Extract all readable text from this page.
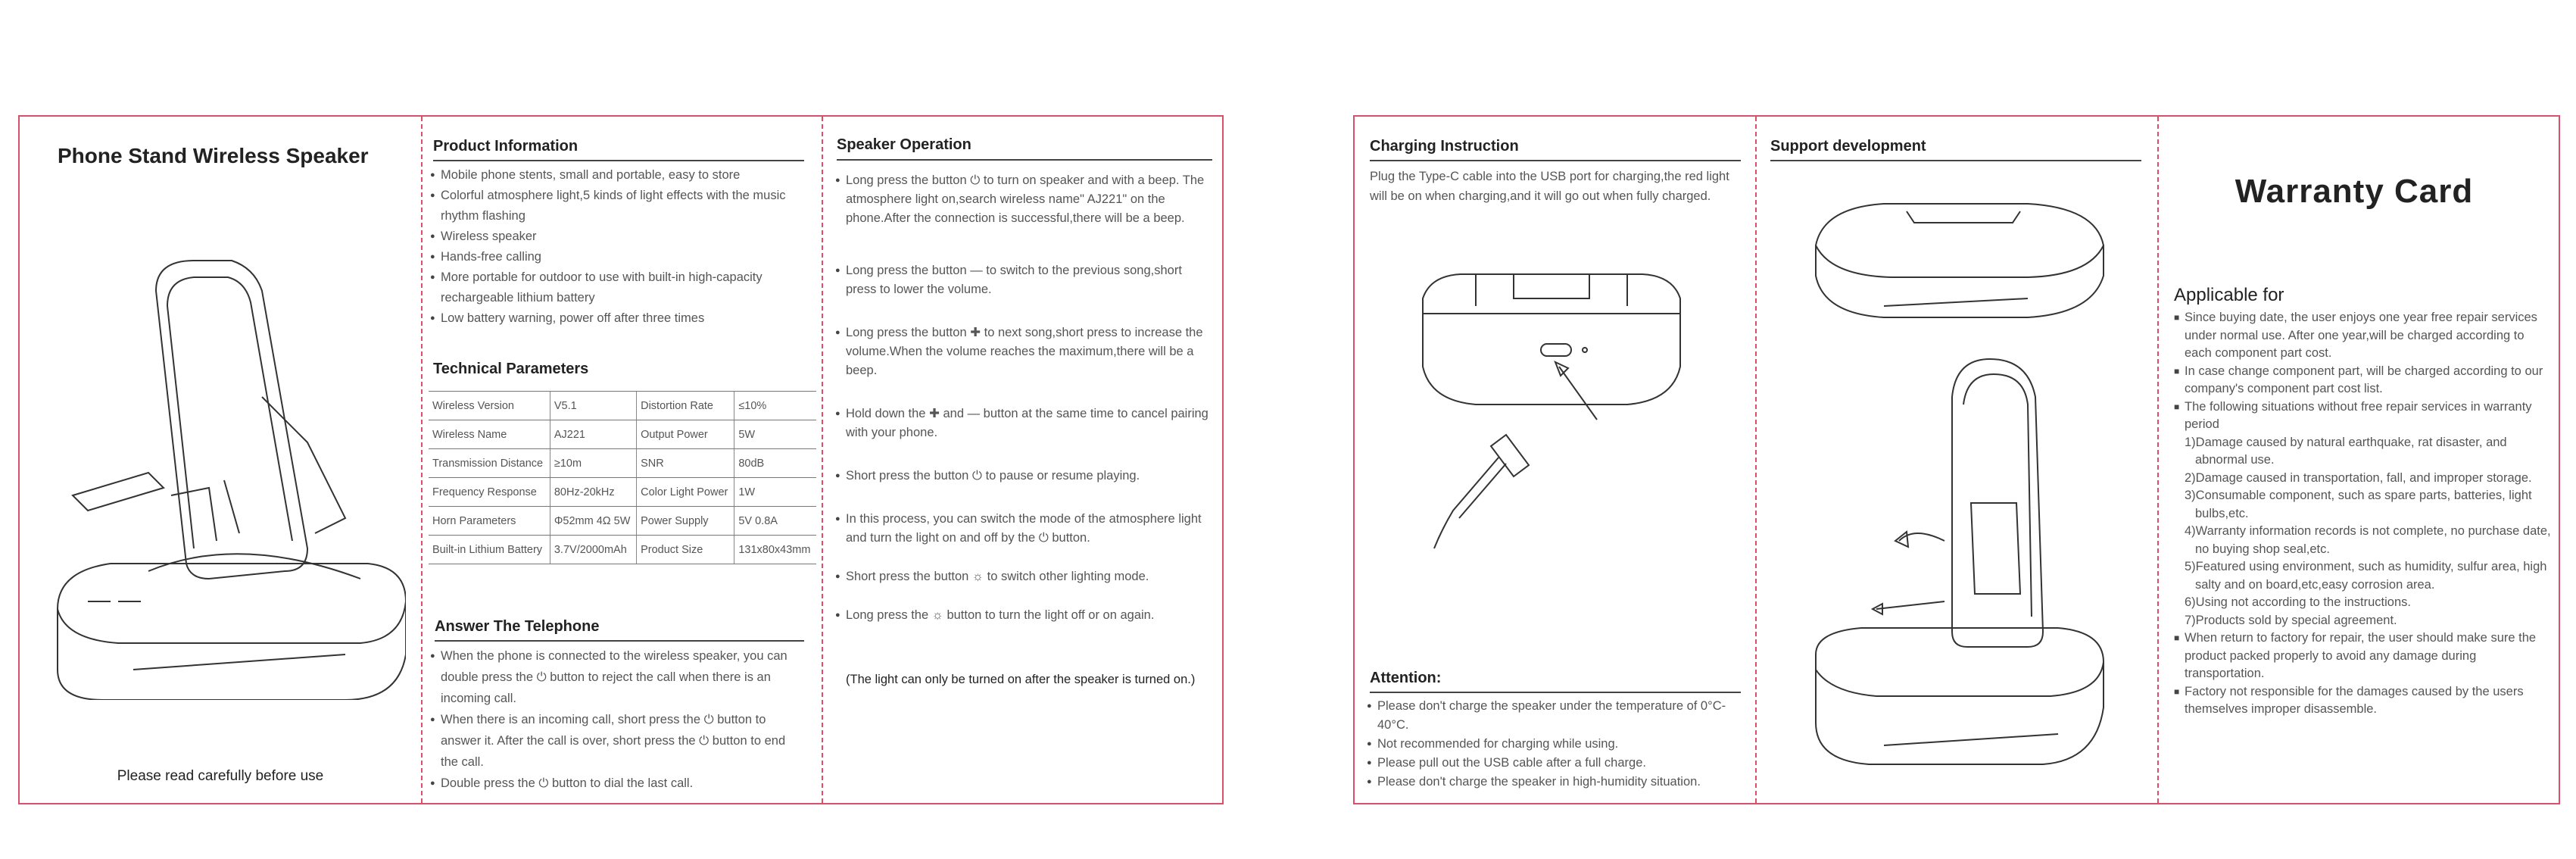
Phone Stand Wireless Speaker
Please read carefully before use
Product Information
● Mobile phone stents, small and portable, easy to store
● Colorful atmosphere light,5 kinds of light effects with the music rhythm flashing
● Wireless speaker
● Hands-free calling
● More portable for outdoor to use with built-in high-capacity rechargeable lithium battery
● Low battery warning, power off after three times
Technical Parameters
Wireless Version	V5.1	Distortion Rate	≤10%
Wireless Name	AJ221	Output Power	5W
Transmission Distance	≥10m	SNR	80dB
Frequency Response	80Hz-20kHz	Color Light Power	1W
Horn Parameters	Φ52mm 4Ω 5W	Power Supply	5V 0.8A
Built-in Lithium Battery	3.7V/2000mAh	Product Size	131x80x43mm
Answer The Telephone
● When the phone is connected to the wireless speaker, you can double press the ⏻ button to reject the call when there is an incoming call.
● When there is an incoming call, short press the ⏻ button to answer it. After the call is over, short press the ⏻ button to end the call.
● Double press the ⏻ button to dial the last call.
Speaker Operation
● Long press the button ⏻ to turn on speaker and with a beep. The atmosphere light on,search wireless name" AJ221" on the phone.After the connection is successful,there will be a beep.
● Long press the button — to switch to the previous song,short press to lower the volume.
● Long press the button ✚ to next song,short press to increase the volume.When the volume reaches the maximum,there will be a beep.
● Hold down the ✚ and — button at the same time to cancel pairing with your phone.
● Short press the button ⏻ to pause or resume playing.
● In this process, you can switch the mode of the atmosphere light and turn the light on and off by the ⏻ button.
● Short press the button ☼ to switch other lighting mode.
● Long press the ☼ button to turn the light off or on again.
(The light can only be turned on after the speaker is turned on.)
Charging Instruction
Plug the Type-C cable into the USB port for charging,the red light will be on when charging,and it will go out when fully charged.
Attention:
● Please don't charge the speaker under the temperature of 0°C-40°C.
● Not recommended for charging while using.
● Please pull out the USB cable after a full charge.
● Please don't charge the speaker in high-humidity situation.
Support development
Warranty Card
Applicable for
■ Since buying date, the user enjoys one year free repair services under normal use. After one year,will be charged according to each component part cost.
■ In case change component part, will be charged according to our company's component part cost list.
■ The following situations without free repair services in warranty period
1)Damage caused by natural earthquake, rat disaster, and abnormal use.
2)Damage caused in transportation, fall, and improper storage.
3)Consumable component, such as spare parts, batteries, light bulbs,etc.
4)Warranty information records is not complete, no purchase date, no buying shop seal,etc.
5)Featured using environment, such as humidity, sulfur area, high salty and on board,etc,easy corrosion area.
6)Using not according to the instructions.
7)Products sold by special agreement.
■ When return to factory for repair, the user should make sure the product packed properly to avoid any damage during transportation.
■ Factory not responsible for the damages caused by the users themselves improper disassemble.
